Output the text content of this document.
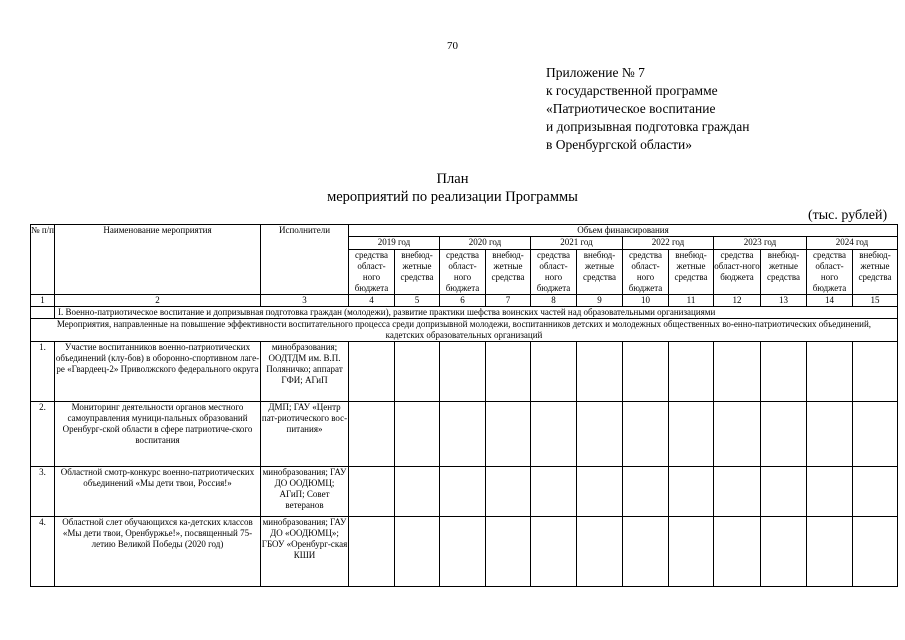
70
Приложение № 7
к государственной программе
«Патриотическое воспитание
и допризывная подготовка граждан
в Оренбургской области»
План
мероприятий по реализации Программы
(тыс. рублей)
№ п/п	Наименование мероприятия	Исполнители	Объем финансирования											
			2019 год		2020 год		2021 год		2022 год		2023 год		2024 год	
			средства област-ного бюджета	внебюд-жетные средства	средства област-ного бюджета	внебюд-жетные средства	средства област-ного бюджета	внебюд-жетные средства	средства област-ного бюджета	внебюд-жетные средства	средства област-ного бюджета	внебюд-жетные средства	средства област-ного бюджета	внебюд-жетные средства
1	2	3	4	5	6	7	8	9	10	11	12	13	14	15
	I. Военно-патриотическое воспитание и допризывная подготовка граждан (молодежи), развитие практики шефства воинских частей над образовательными организациями													
Мероприятия, направленные на повышение эффективности воспитательного процесса среди допризывной молодежи, воспитанников детских и молодежных общественных во-енно-патриотических объединений, кадетских образовательных организаций														
1.	Участие воспитанников военно-патриотических объединений (клу-бов) в оборонно-спортивном лаге-ре «Гвардеец-2» Приволжского федерального округа	минобразования; ООДТДМ им. В.П. Поляничко; аппарат ГФИ; АГиП												
2.	Мониторинг деятельности органов местного самоуправления муници-пальных образований Оренбург-ской области в сфере патриотиче-ского воспитания	ДМП; ГАУ «Центр пат-риотического вос-питания»												
3.	Областной смотр-конкурс военно-патриотических объединений «Мы дети твои, Россия!»	минобразования; ГАУ ДО ООДЮМЦ; АГиП; Совет ветеранов												
4.	Областной слет обучающихся ка-детских классов «Мы дети твои, Оренбуржье!», посвященный 75-летию Великой Победы (2020 год)	минобразования; ГАУ ДО «ООДЮМЦ»; ГБОУ «Оренбург-ская КШИ												
